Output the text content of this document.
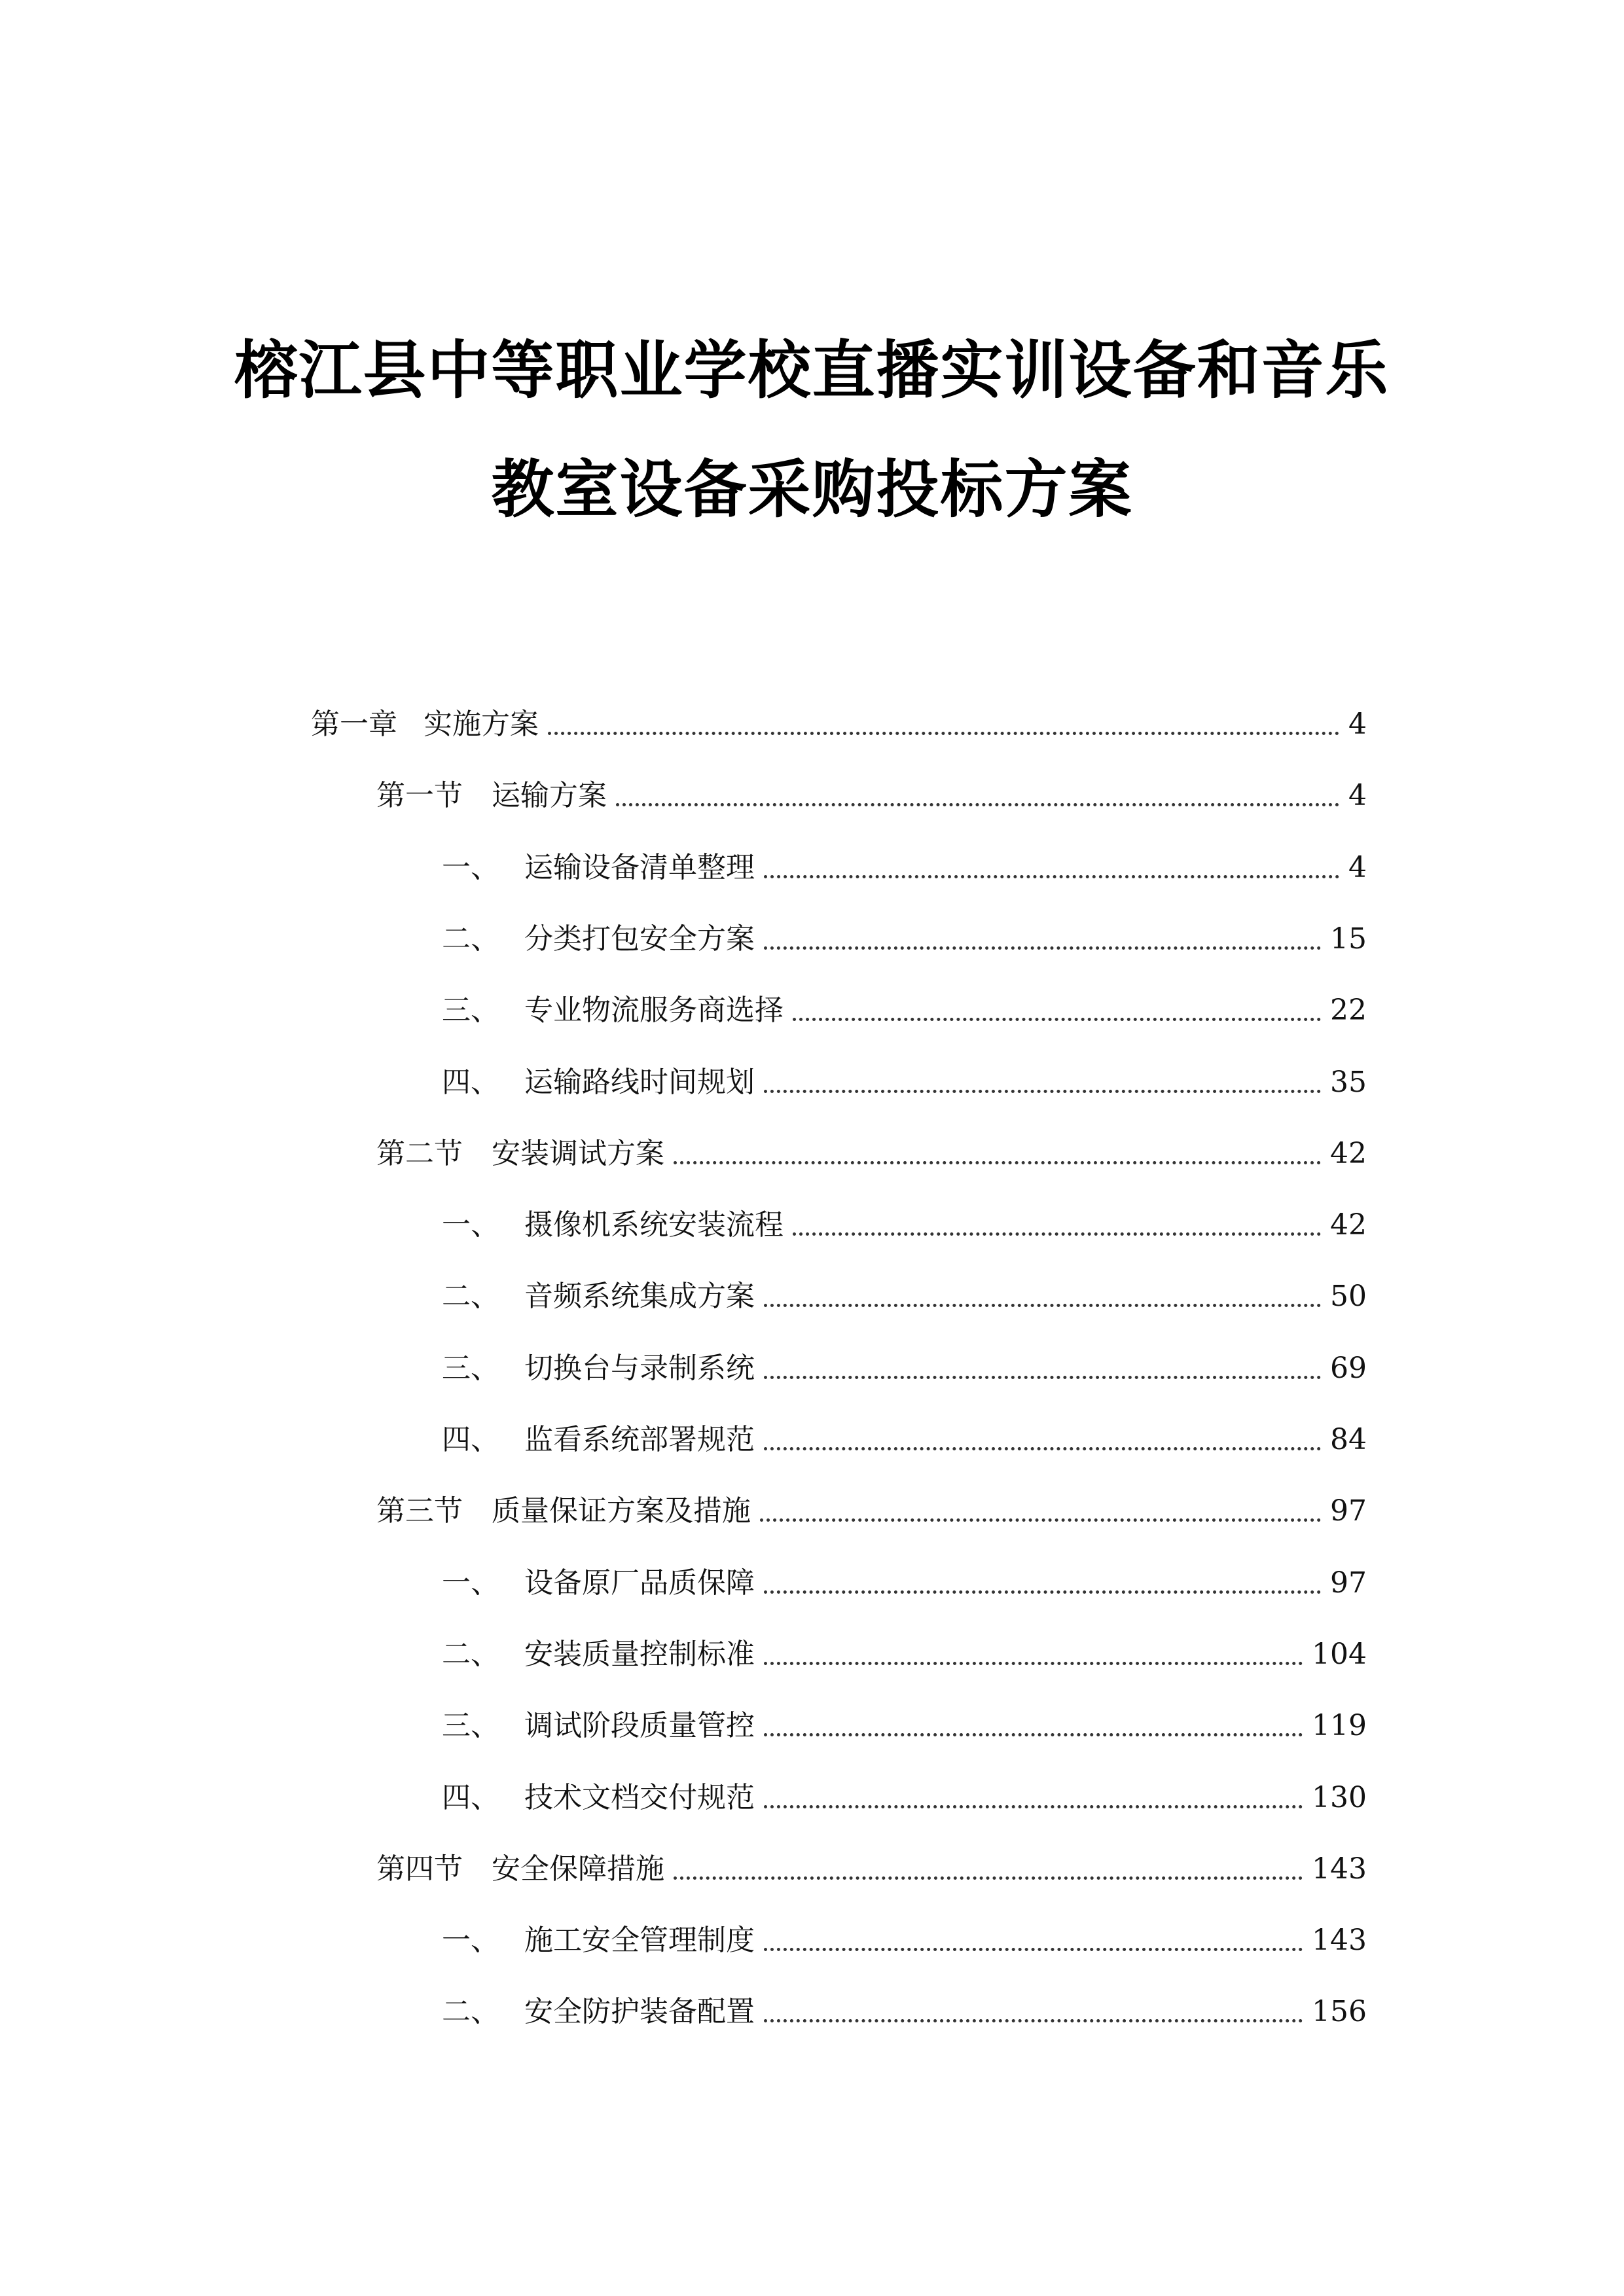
榕江县中等职业学校直播实训设备和音乐
教室设备采购投标方案
第一章 实施方案	4
第一节	运输方案	4
一、 运输设备清单整理	4
二、 分类打包安全方案	15
三、 专业物流服务商选择	22
四、 运输路线时间规划	35
第二节	安装调试方案	42
一、 摄像机系统安装流程	42
二、 音频系统集成方案	50
三、 切换台与录制系统	69
四、 监看系统部署规范	84
第三节	质量保证方案及措施	97
一、 设备原厂品质保障	97
二、 安装质量控制标准	104
三、 调试阶段质量管控	119
四、 技术文档交付规范	130
第四节	安全保障措施	143
一、 施工安全管理制度	143
二、 安全防护装备配置	156
